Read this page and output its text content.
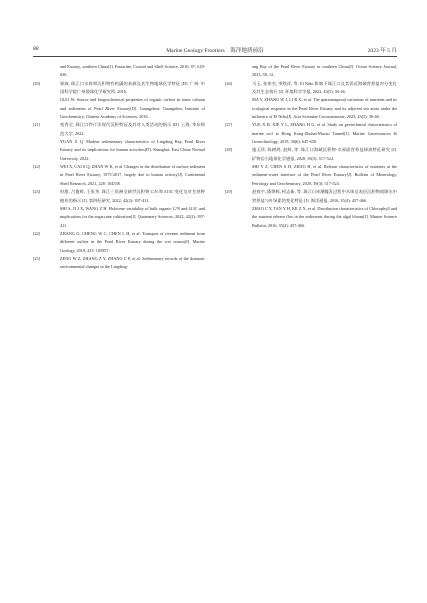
88	Marine Geology Frontiers　海洋地质前沿	2023 年 5 月
and Estuary, southern China[J]. Estuarine, Coastal and Shelf Science, 2010, 87: 618-630.
[20]	郭威. 珠江口水体和沉积物有机碳的来源及其生物地球化学特征 [D]. 广州: 中国科学院广州地球化学研究所, 2016.
GUO W. Source and biogeochemical properties of organic carbon in water column and sediments of Pearl River Estuary[D]. Guangzhou: Guangzhou Institute of Geochemistry, Chinese Academy of Sciences, 2016.
[21]	苑秀全. 珠江口伶仃洋现代沉积特征及其对人类活动的指示 [D]. 上海: 华东师范大学, 2022.
YUAN X Q. Modern sedimentary characteristics of Lingding Bay, Pearl River Estuary and its implications for human activities[D]. Shanghai: East China Normal University, 2022.
[22]	WEI X, CAI S Q, ZHAN W K, et al. Changes in the distribution of surface sediment in Pearl River Estuary, 1975-2017, largely due to human activity[J]. Continental Shelf Research, 2021, 228: 104538.
[23]	时甜, 吕俊辉, 王张华. 珠江三角洲全新世沉积物 C/N 和 δ13C 变化及对甘蔗种植业的指示 [J]. 第四纪研究, 2022, 42(2): 397-411.
SHI S, JI J X, WANG Z H. Holocene variability of bulk organic C/N and δ13C and implications for the sugarcane cultivation[J]. Quaternary Sciences, 2022, 42(2): 397-411.
[24]	ZHANG G, CHENG W C, CHEN L H, et al. Transport of riverine sediment from different outlets in the Pearl River Estuary during the wet season[J]. Marine Geology, 2019, 415: 105957.
[25]	ZENG W Z, ZHANG Z Y, ZHANG C P, et al. Sedimentary records of the dramatic environmental changes in the Lingding-
ang Bay of the Pearl River Estuary in southern China[J]. Ocean Science Journal, 2023, 58, 12.
[26]	马玉, 张伟杰, 李铁祥, 等. El Niño 影响下珠江口及其邻近海域营养盐对分变化及其生态效应 [J]. 环境科学学报, 2023, 43(5): 56-46.
MA Y, ZHANG W J, LI R X, et al. The spatiotemporal variations of nutrients and its ecological response in the Pearl River Estuary and its adjacent sea areas under the influence of El Niño[J]. Acta Scientiae Circumstantiae, 2023, 43(5): 36-46.
[27]	YUE X B, XIE Y L, ZHANG H G, et al. Study on geotechnical characteristics of marine soil at Hong Kong-Zhuhai-Macao Tunnel[J]. Marine Georesources & Geotechnology, 2019, 38(6): 647-658.
[28]	施玉珍, 陈树鸿, 赵辉, 等. 珠江口海域沉积物-水界面营养盐释放特征研究 [J]. 矿物岩石地球化学通报, 2020, 39(3): 517-524.
SHI Y Z, CHEN S H, ZHAO H, et al. Release characteristics of nutrients at the sediment-water interface of the Pearl River Estuary[J]. Bulletin of Mineralogy, Petrology and Geochemistry, 2020, 39(3): 517-524.
[29]	赵春宇, 谭烨辉, 柯志新, 等. 珠江口赤潮爆发过程中水体及表层沉积物间隙水中营养盐与叶绿素的变化特征 [J]. 海洋通报, 2016, 35(4): 457-466.
ZHAO C Y, TAN Y H, KE Z X, et al. Distribution characteristics of Chlorophyll and the nutrient release flux in the sediments during the algal bloom[J]. Marine Science Bulletin, 2016, 35(4): 457-466.
